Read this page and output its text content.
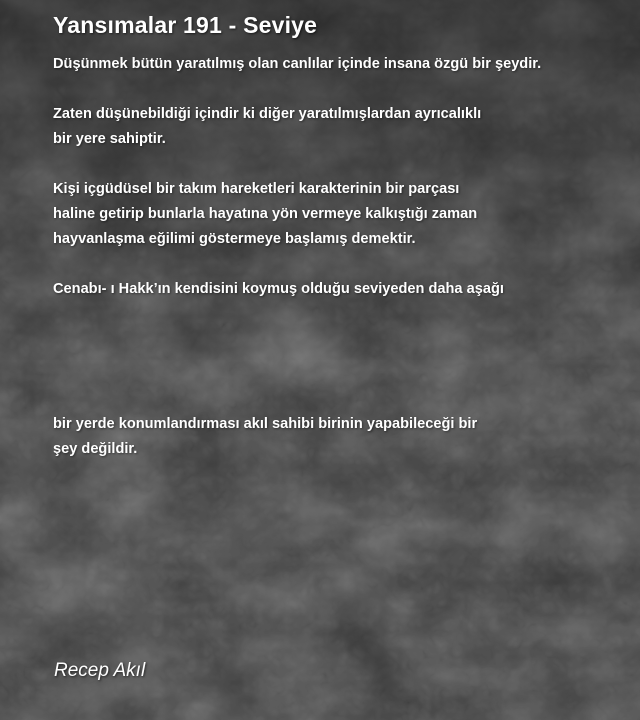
Yansımalar 191 - Seviye
Düşünmek bütün yaratılmış olan canlılar içinde insana özgü bir şeydir.
Zaten düşünebildiği içindir ki diğer yaratılmışlardan ayrıcalıklı
bir yere sahiptir.
Kişi içgüdüsel bir takım hareketleri karakterinin bir parçası
haline getirip bunlarla hayatına yön vermeye kalkıştığı zaman
hayvanlaşma eğilimi göstermeye başlamış demektir.
Cenabı- ı Hakk’ın kendisini koymuş olduğu seviyeden daha aşağı
bir yerde konumlandırması akıl sahibi birinin yapabileceği bir
şey değildir.
Recep Akıl
